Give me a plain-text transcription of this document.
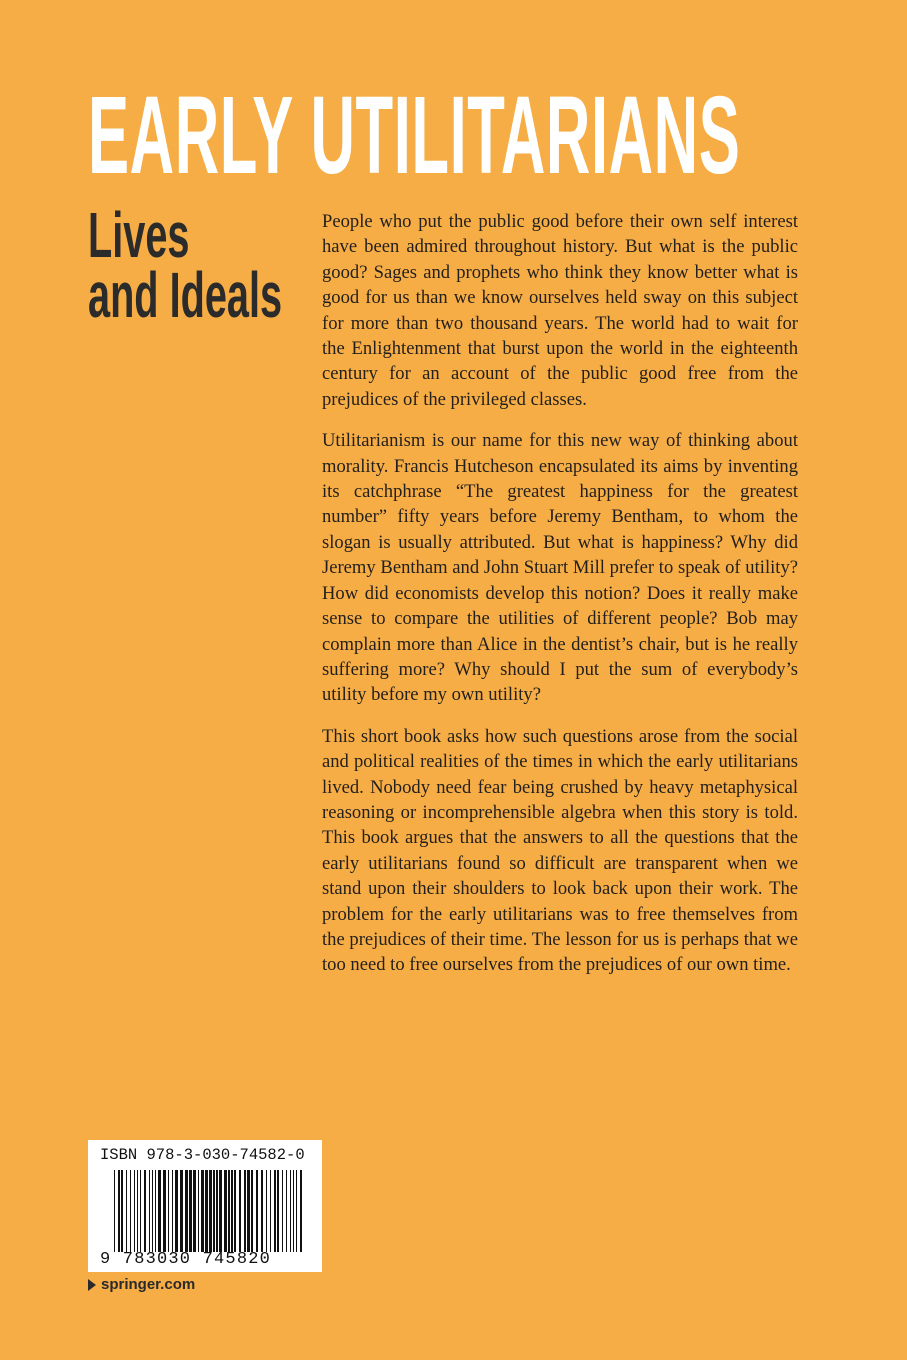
EARLY UTILITARIANS
Lives
and Ideals

People who put the public good before their own self interest have been admired throughout history. But what is the public good? Sages and prophets who think they know better what is good for us than we know ourselves held sway on this subject for more than two thousand years. The world had to wait for the Enlightenment that burst upon the world in the eighteenth century for an account of the public good free from the prejudices of the privileged classes.

Utilitarianism is our name for this new way of thinking about morality. Francis Hutcheson encapsulated its aims by inventing its catchphrase “The greatest happiness for the greatest number” fifty years before Jeremy Bentham, to whom the slogan is usually attributed. But what is happiness? Why did Jeremy Bentham and John Stuart Mill prefer to speak of utility? How did economists develop this notion? Does it really make sense to compare the utilities of different people? Bob may complain more than Alice in the dentist’s chair, but is he really suffering more? Why should I put the sum of everybody’s utility before my own utility?

This short book asks how such questions arose from the social and political realities of the times in which the early utilitarians lived. Nobody need fear being crushed by heavy metaphysical reasoning or incomprehensible algebra when this story is told. This book argues that the answers to all the questions that the early utilitarians found so difficult are transparent when we stand upon their shoulders to look back upon their work. The problem for the early utilitarians was to free themselves from the prejudices of their time. The lesson for us is perhaps that we too need to free ourselves from the prejudices of our own time.

ISBN 978-3-030-74582-0
9 783030 745820
springer.com
